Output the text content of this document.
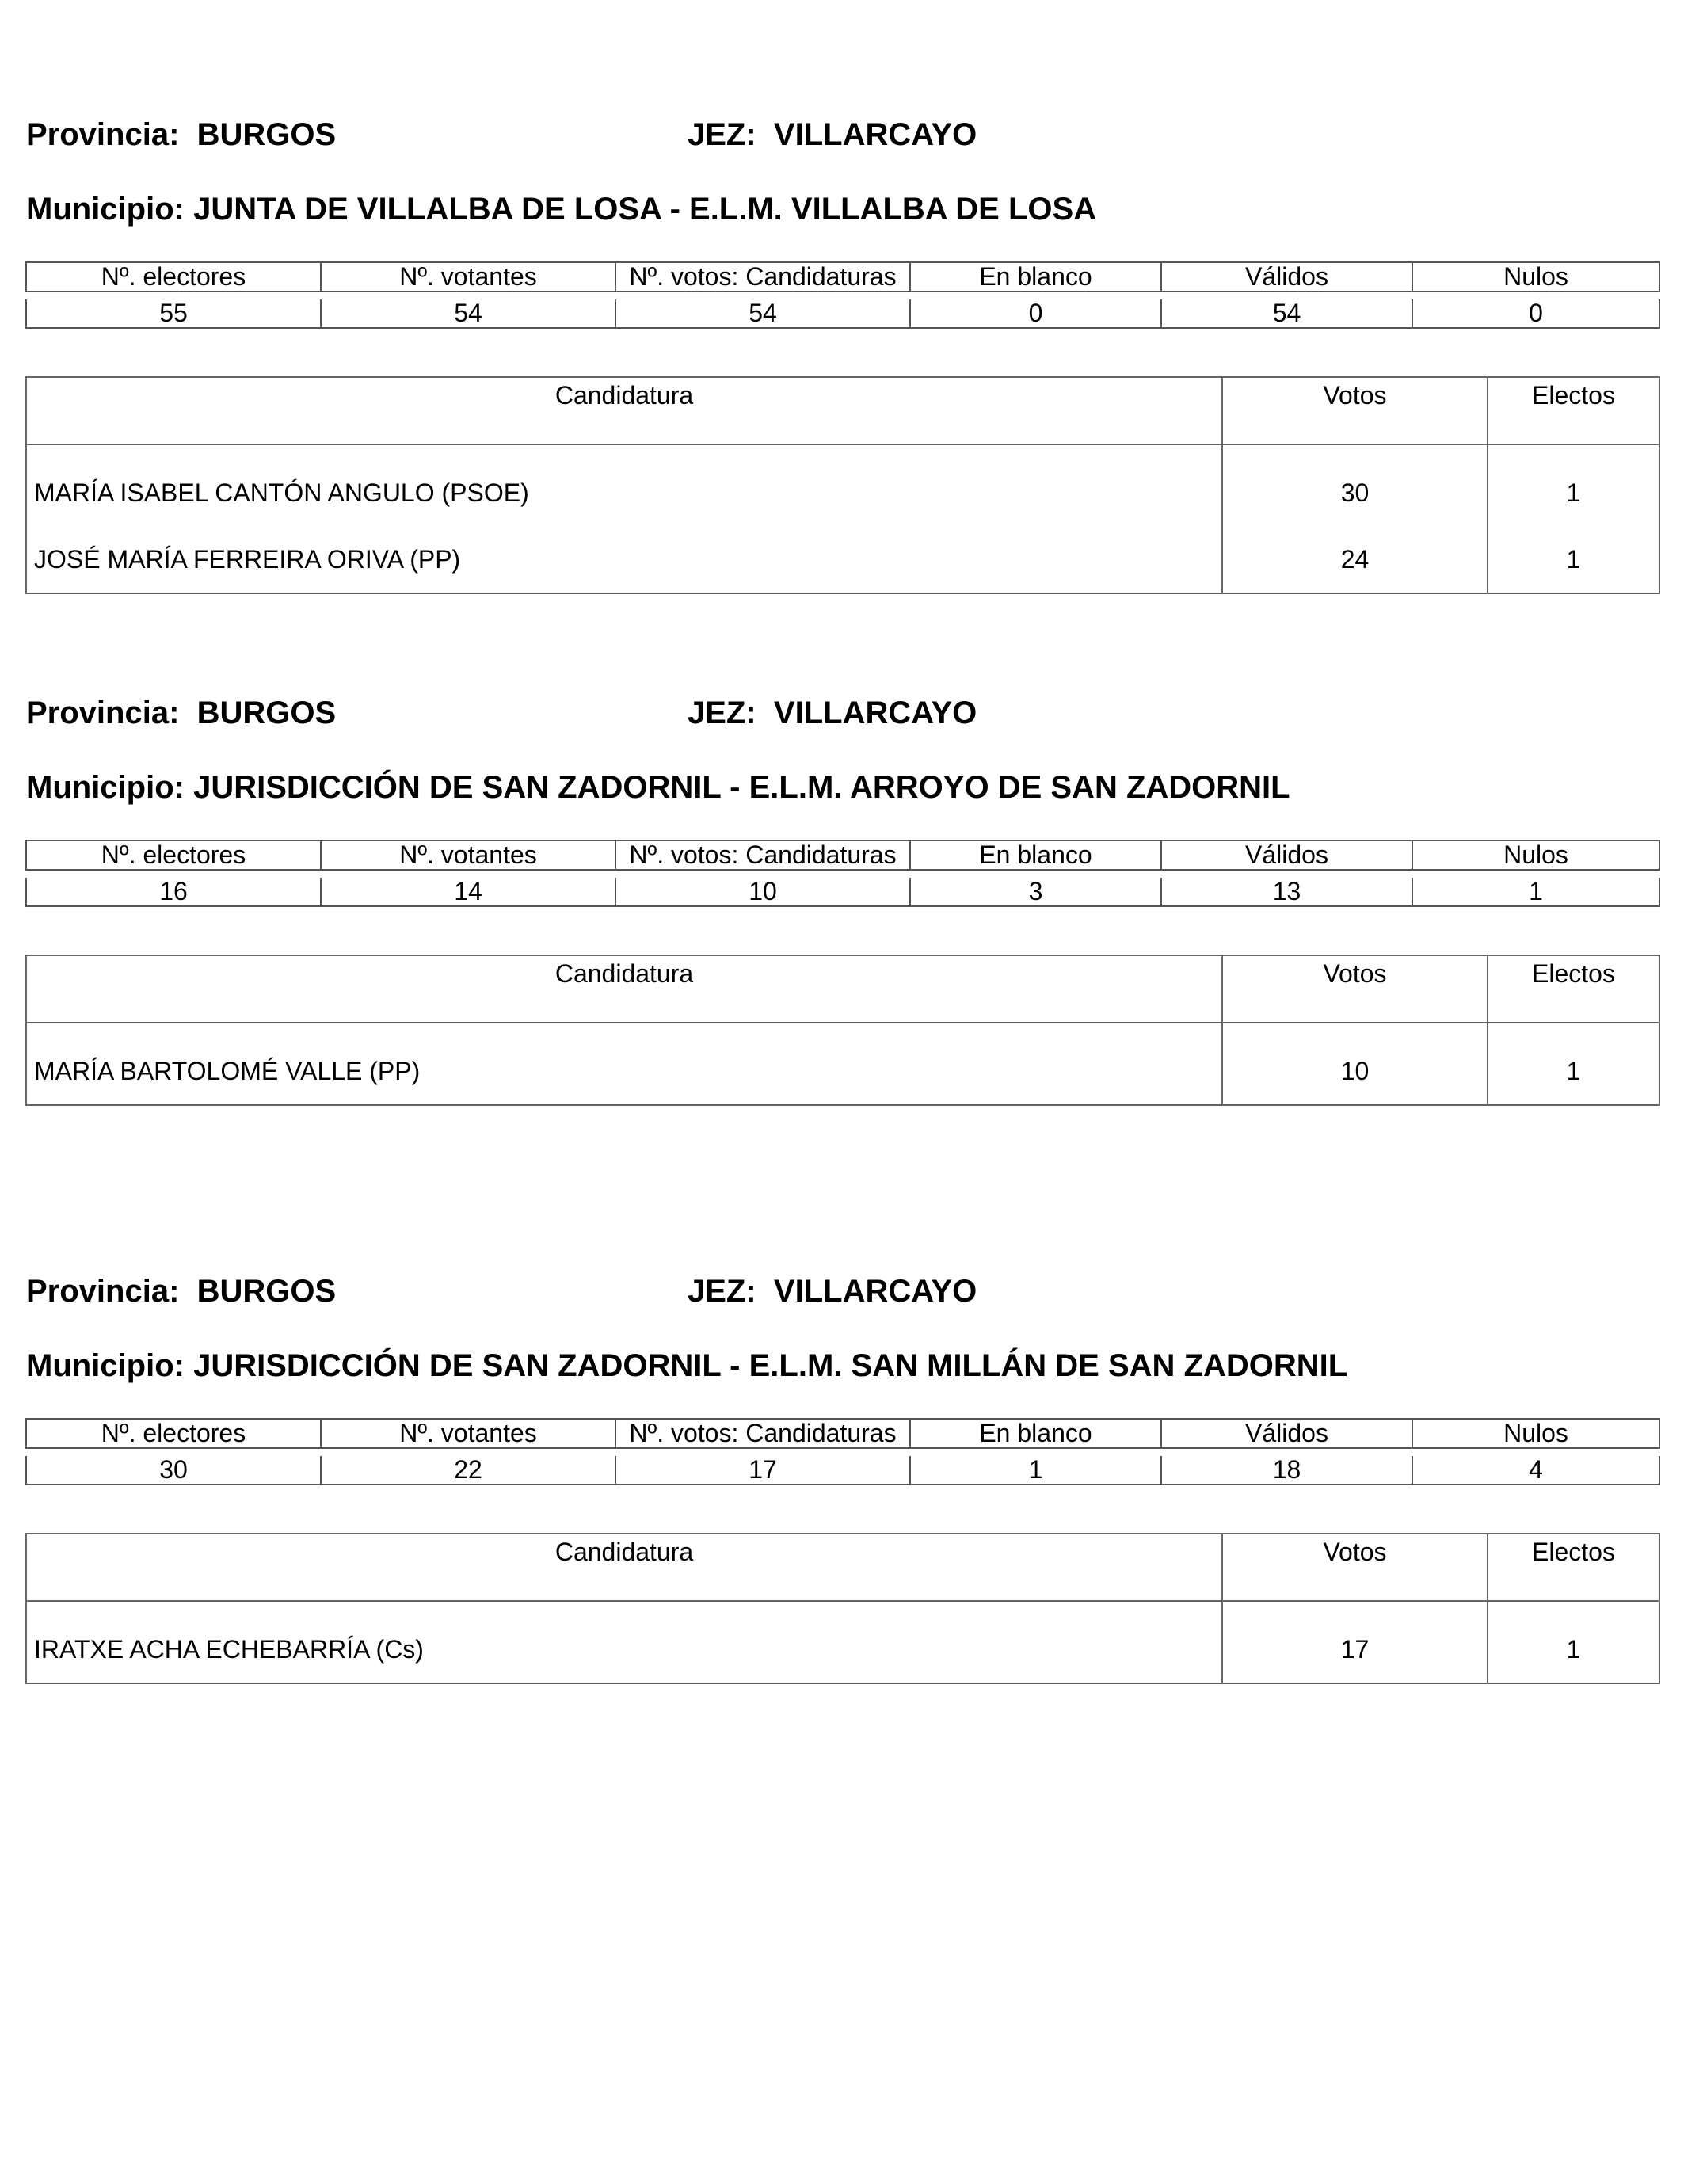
Provincia: BURGOS	JEZ: VILLARCAYO
Municipio: JUNTA DE VILLALBA DE LOSA - E.L.M. VILLALBA DE LOSA
Nº. electores	Nº. votantes	Nº. votos: Candidaturas	En blanco	Válidos	Nulos

55	54	54	0	54	0
Candidatura	Votos	Electos
MARÍA ISABEL CANTÓN ANGULO (PSOE)	30	1
JOSÉ MARÍA FERREIRA ORIVA (PP)	24	1
Provincia: BURGOS	JEZ: VILLARCAYO
Municipio: JURISDICCIÓN DE SAN ZADORNIL - E.L.M. ARROYO DE SAN ZADORNIL
Nº. electores	Nº. votantes	Nº. votos: Candidaturas	En blanco	Válidos	Nulos

16	14	10	3	13	1
Candidatura	Votos	Electos
MARÍA BARTOLOMÉ VALLE (PP)	10	1
Provincia: BURGOS	JEZ: VILLARCAYO
Municipio: JURISDICCIÓN DE SAN ZADORNIL - E.L.M. SAN MILLÁN DE SAN ZADORNIL
Nº. electores	Nº. votantes	Nº. votos: Candidaturas	En blanco	Válidos	Nulos

30	22	17	1	18	4
Candidatura	Votos	Electos
IRATXE ACHA ECHEBARRÍA (Cs)	17	1
